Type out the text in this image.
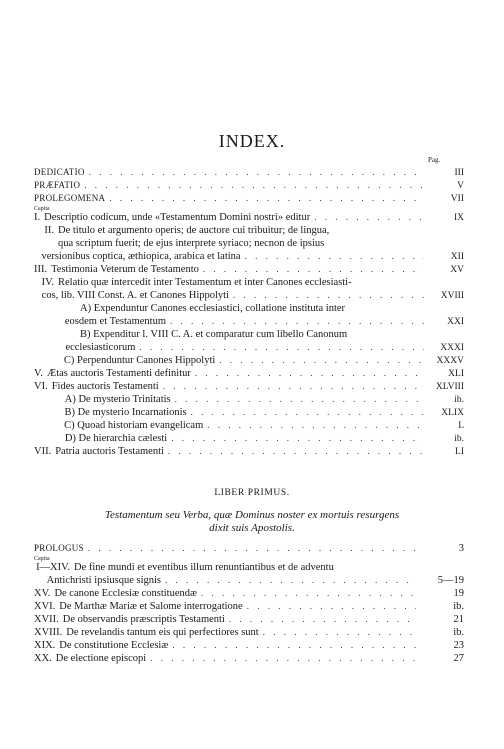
INDEX.
Pag.
DEDICATIO . . .	III
PRÆFATIO . . .	V
PROLEGOMENA . . .	VII
Capita
I. Descriptio codicum, unde «Testamentum Domini nostri» editur . . .	IX
II. De titulo et argumento operis; de auctore cui tribuitur; de lingua,
qua scriptum fuerit; de ejus interprete syriaco; necnon de ipsius
versionibus coptica, æthiopica, arabica et latina . . .	XII
III. Testimonia Veterum de Testamento . . .	XV
IV. Relatio quæ intercedit inter Testamentum et inter Canones ecclesiasti-
cos, lib. VIII Const. A. et Canones Hippolyti . . .	XVIII
A) Expenduntur Canones ecclesiastici, collatione instituta inter
eosdem et Testamentum . . .	XXI
B) Expenditur l. VIII C. A. et comparatur cum libello Canonum
ecclesiasticorum . . .	XXXI
C) Perpenduntur Canones Hippolyti . . .	XXXV
V. Ætas auctoris Testamenti definitur . . .	XLI
VI. Fides auctoris Testamenti . . .	XLVIII
A) De mysterio Trinitatis . . .	ib.
B) De mysterio Incarnationis . . .	XLIX
C) Quoad historiam evangelicam . . .	L
D) De hierarchia cælesti . . .	ib.
VII. Patria auctoris Testamenti . . .	LI
LIBER PRIMUS.
Testamentum seu Verba, quæ Dominus noster ex mortuis resurgens
dixit suis Apostolis.
PROLOGUS . . .	3
Capita
I—XIV. De fine mundi et eventibus illum renuntiantibus et de adventu
Antichristi ipsiusque signis . . .	5—19
XV. De canone Ecclesiæ constituendæ . . .	19
XVI. De Marthæ Mariæ et Salome interrogatione . . .	ib.
XVII. De observandis præscriptis Testamenti . . .	21
XVIII. De revelandis tantum eis qui perfectiores sunt . . .	ib.
XIX. De constitutione Ecclesiæ . . .	23
XX. De electione episcopi . . .	27
